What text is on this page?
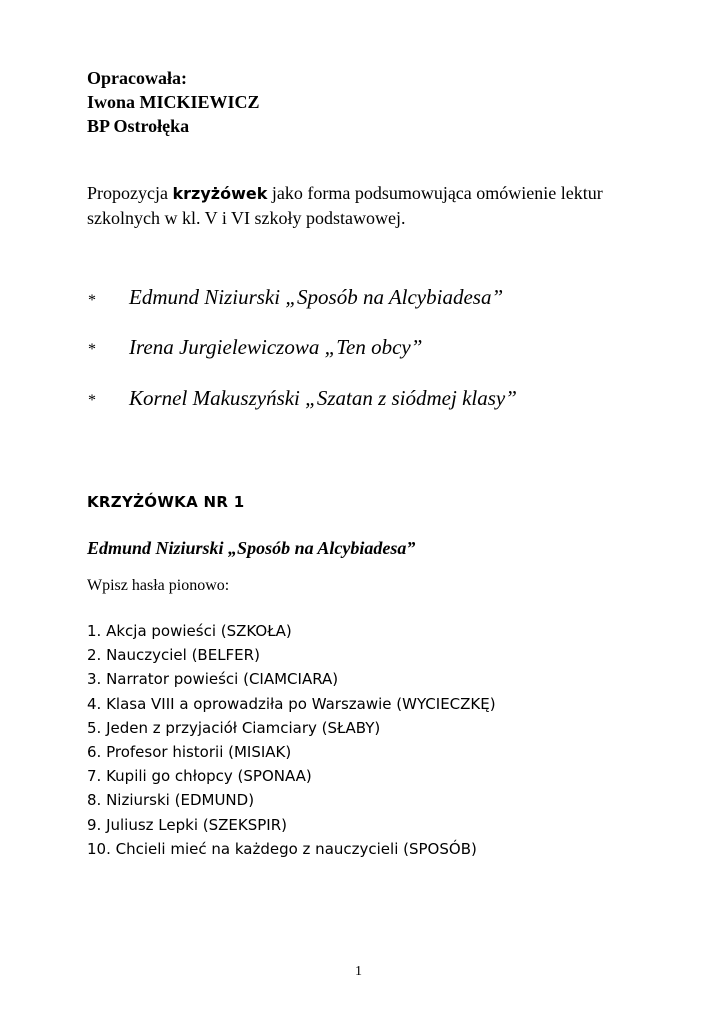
Opracowała:
Iwona MICKIEWICZ
BP Ostrołęka
Propozycja krzyżówek jako forma podsumowująca omówienie lektur szkolnych w kl. V i VI szkoły podstawowej.
* Edmund Niziurski „Sposób na Alcybiadesa”
* Irena Jurgielewiczowa „Ten obcy”
* Kornel Makuszyński „Szatan z siódmej klasy”
KRZYŻÓWKA NR 1
Edmund Niziurski „Sposób na Alcybiadesa”
Wpisz hasła pionowo:
1. Akcja powieści (SZKOŁA)
2. Nauczyciel (BELFER)
3. Narrator powieści (CIAMCIARA)
4. Klasa VIII a oprowadziła po Warszawie (WYCIECZKĘ)
5. Jeden z przyjaciół Ciamciary (SŁABY)
6. Profesor historii (MISIAK)
7. Kupili go chłopcy (SPONAA)
8. Niziurski (EDMUND)
9. Juliusz Lepki (SZEKSPIR)
10. Chcieli mieć na każdego z nauczycieli (SPOSÓB)
1
